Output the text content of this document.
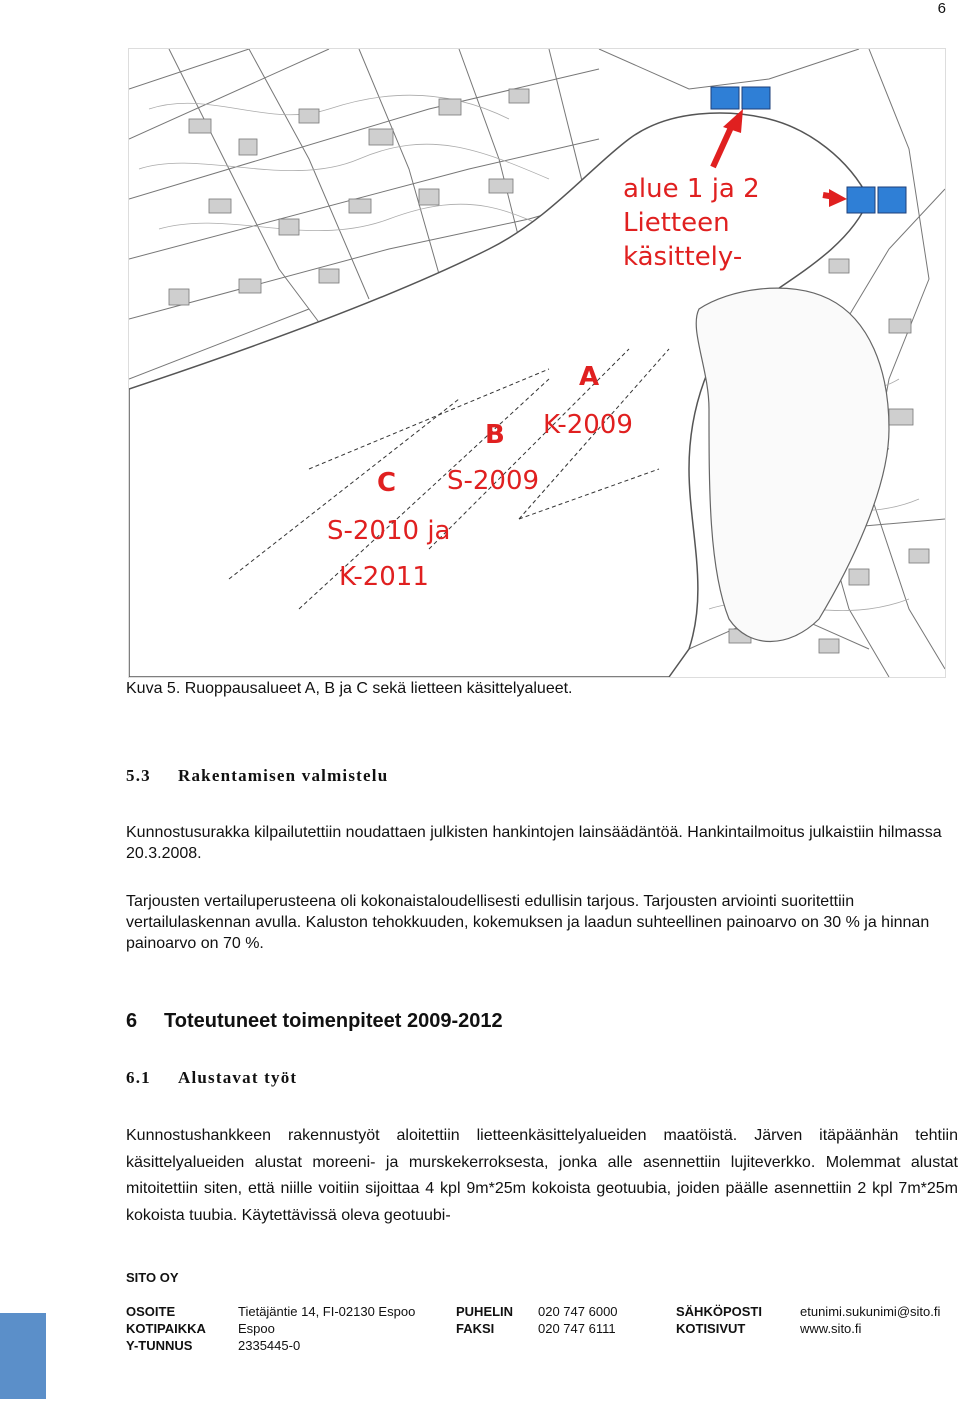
6
alue 1 ja 2
Lietteen
käsittely-
A
K-2009
B
S-2009
C
S-2010 ja
K-2011
Kuva 5. Ruoppausalueet A, B ja C sekä lietteen käsittelyalueet.
5.3 Rakentamisen valmistelu
Kunnostusurakka kilpailutettiin noudattaen julkisten hankintojen lainsäädäntöä. Hankintailmoitus julkaistiin hilmassa 20.3.2008.
Tarjousten vertailuperusteena oli kokonaistaloudellisesti edullisin tarjous. Tarjousten arviointi suoritettiin vertailulaskennan avulla. Kaluston tehokkuuden, kokemuksen ja laadun suhteellinen painoarvo on 30 % ja hinnan painoarvo on 70 %.
6 Toteutuneet toimenpiteet 2009-2012
6.1 Alustavat työt
Kunnostushankkeen rakennustyöt aloitettiin lietteenkäsittelyalueiden maatöistä. Järven itäpäänhän tehtiin käsittelyalueiden alustat moreeni- ja murskekerroksesta, jonka alle asennettiin lujiteverkko. Molemmat alustat mitoitettiin siten, että niille voitiin sijoittaa 4 kpl 9m*25m kokoista geotuubia, joiden päälle asennettiin 2 kpl 7m*25m kokoista tuubia. Käytettävissä oleva geotuubi-
SITO OY
OSOITE
KOTIPAIKKA
Y-TUNNUS
Tietäjäntie 14, FI-02130 Espoo
Espoo
2335445-0
PUHELIN
FAKSI
020 747 6000
020 747 6111
SÄHKÖPOSTI
KOTISIVUT
etunimi.sukunimi@sito.fi
www.sito.fi
